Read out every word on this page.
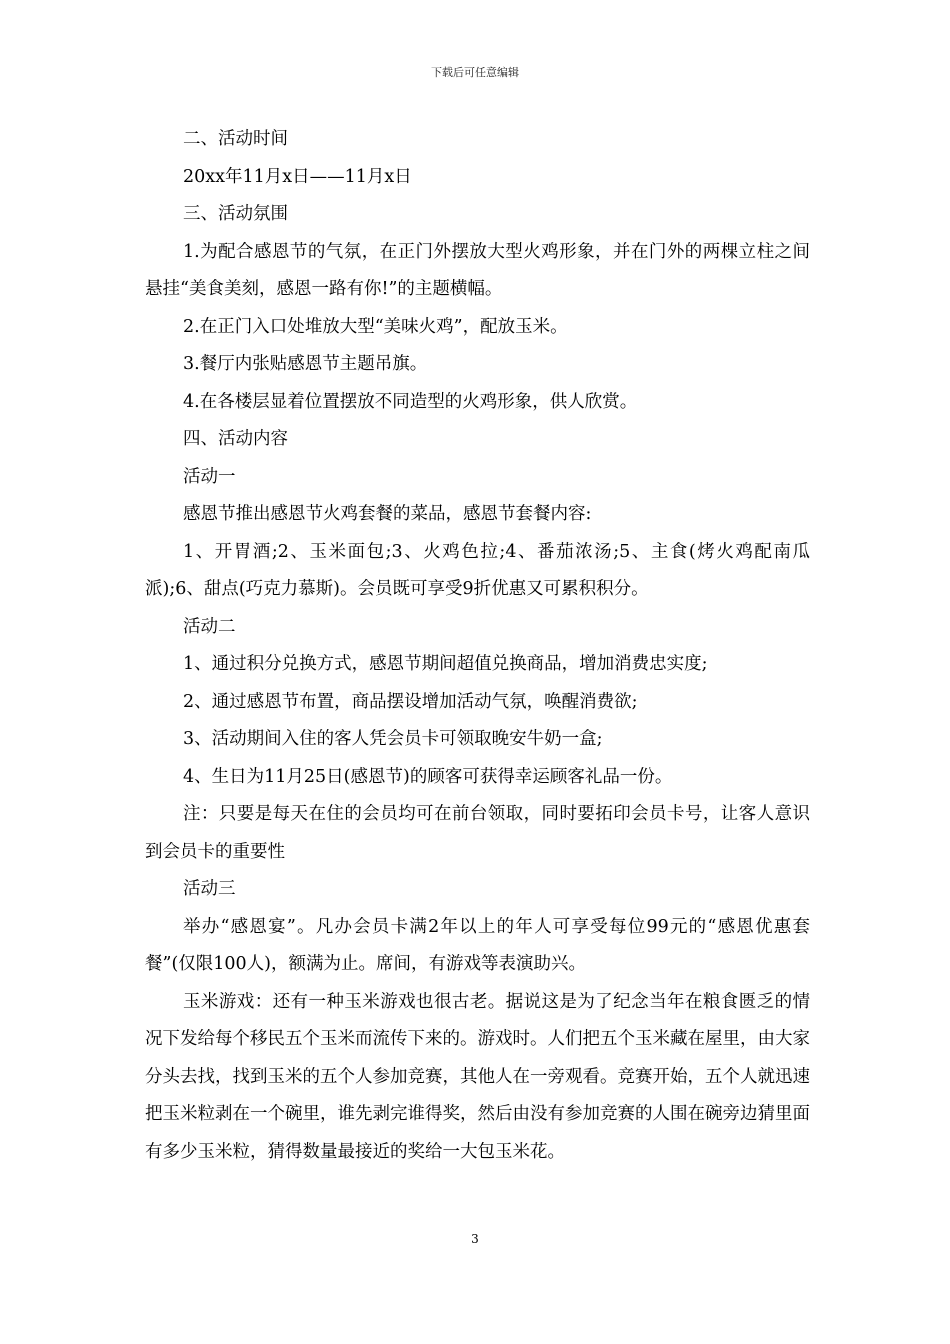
下载后可任意编辑

二、活动时间

20xx年11月x日——11月x日

三、活动氛围

1.为配合感恩节的气氛，在正门外摆放大型火鸡形象，并在门外的两棵立柱之间悬挂“美食美刻，感恩一路有你!”的主题横幅。

2.在正门入口处堆放大型“美味火鸡”，配放玉米。

3.餐厅内张贴感恩节主题吊旗。

4.在各楼层显着位置摆放不同造型的火鸡形象，供人欣赏。

四、活动内容

活动一

感恩节推出感恩节火鸡套餐的菜品，感恩节套餐内容:

1、开胃酒;2、玉米面包;3、火鸡色拉;4、番茄浓汤;5、主食(烤火鸡配南瓜派);6、甜点(巧克力慕斯)。会员既可享受9折优惠又可累积积分。

活动二

1、通过积分兑换方式，感恩节期间超值兑换商品，增加消费忠实度;

2、通过感恩节布置，商品摆设增加活动气氛，唤醒消费欲;

3、活动期间入住的客人凭会员卡可领取晚安牛奶一盒;

4、生日为11月25日(感恩节)的顾客可获得幸运顾客礼品一份。

注：只要是每天在住的会员均可在前台领取，同时要拓印会员卡号，让客人意识到会员卡的重要性

活动三

举办“感恩宴”。凡办会员卡满2年以上的年人可享受每位99元的“感恩优惠套餐”(仅限100人)，额满为止。席间，有游戏等表演助兴。

玉米游戏：还有一种玉米游戏也很古老。据说这是为了纪念当年在粮食匮乏的情况下发给每个移民五个玉米而流传下来的。游戏时。人们把五个玉米藏在屋里，由大家分头去找，找到玉米的五个人参加竞赛，其他人在一旁观看。竞赛开始，五个人就迅速把玉米粒剥在一个碗里，谁先剥完谁得奖，然后由没有参加竞赛的人围在碗旁边猜里面有多少玉米粒，猜得数量最接近的奖给一大包玉米花。

3
